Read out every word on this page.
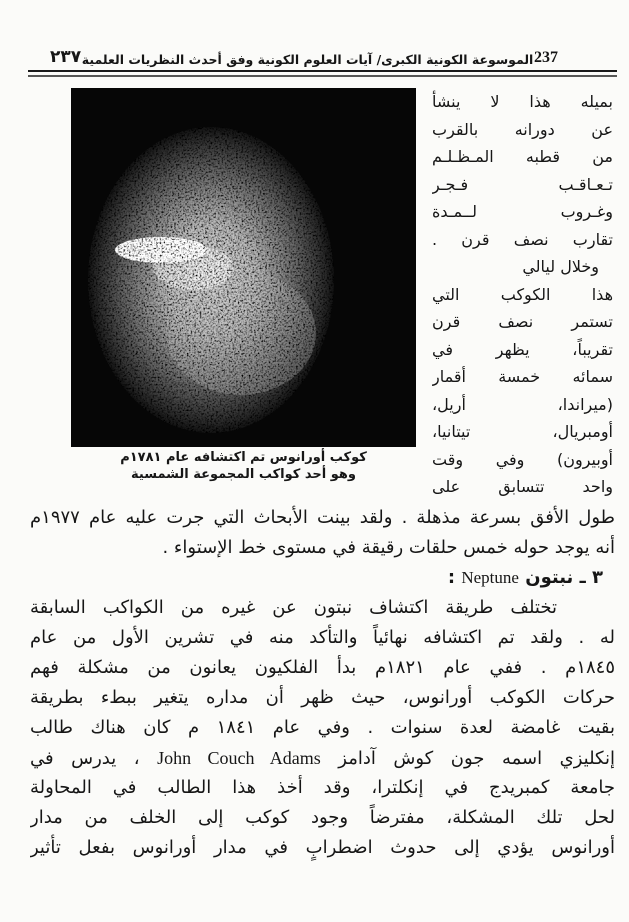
٢٣٧ الموسوعة الكونية الكبرى/ آيات العلوم الكونية وفق أحدث النظريات العلمية 237
كوكب أورانوس تم اكتشافه عام ١٧٨١م
وهو أحد كواكب المجموعة الشمسية
بميله هذا لا ينشأ
عن دورانه بالقرب
من قطبه المـظـلـم
تـعـاقـب فـجـر
وغـروب لــمـدة
تقارب نصف قرن .
وخلال ليالي
هذا الكوكب التي
تستمر نصف قرن
تقريباً، يظهر في
سمائه خمسة أقمار
(ميراندا، أريل،
أومبريال، تيتانيا،
أوبيرون) وفي وقت
واحد تتسابق على
طول الأفق بسرعة مذهلة . ولقد بينت الأبحاث التي جرت عليه عام ١٩٧٧م
أنه يوجد حوله خمس حلقات رقيقة في مستوى خط الإستواء .
٣ ـ نبتون Neptune :
تختلف طريقة اكتشاف نبتون عن غيره من الكواكب السابقة
له . ولقد تم اكتشافه نهائياً والتأكد منه في تشرين الأول من عام
١٨٤٥م . ففي عام ١٨٢١م بدأ الفلكيون يعانون من مشكلة فهم
حركات الكوكب أورانوس، حيث ظهر أن مداره يتغير ببطء بطريقة
بقيت غامضة لعدة سنوات . وفي عام ١٨٤١ م كان هناك طالب
إنكليزي اسمه جون كوش آدامز John Couch Adams ، يدرس في
جامعة كمبريدج في إنكلترا، وقد أخذ هذا الطالب في المحاولة
لحل تلك المشكلة، مفترضاً وجود كوكب إلى الخلف من مدار
أورانوس يؤدي إلى حدوث اضطرابٍ في مدار أورانوس بفعل تأثير
